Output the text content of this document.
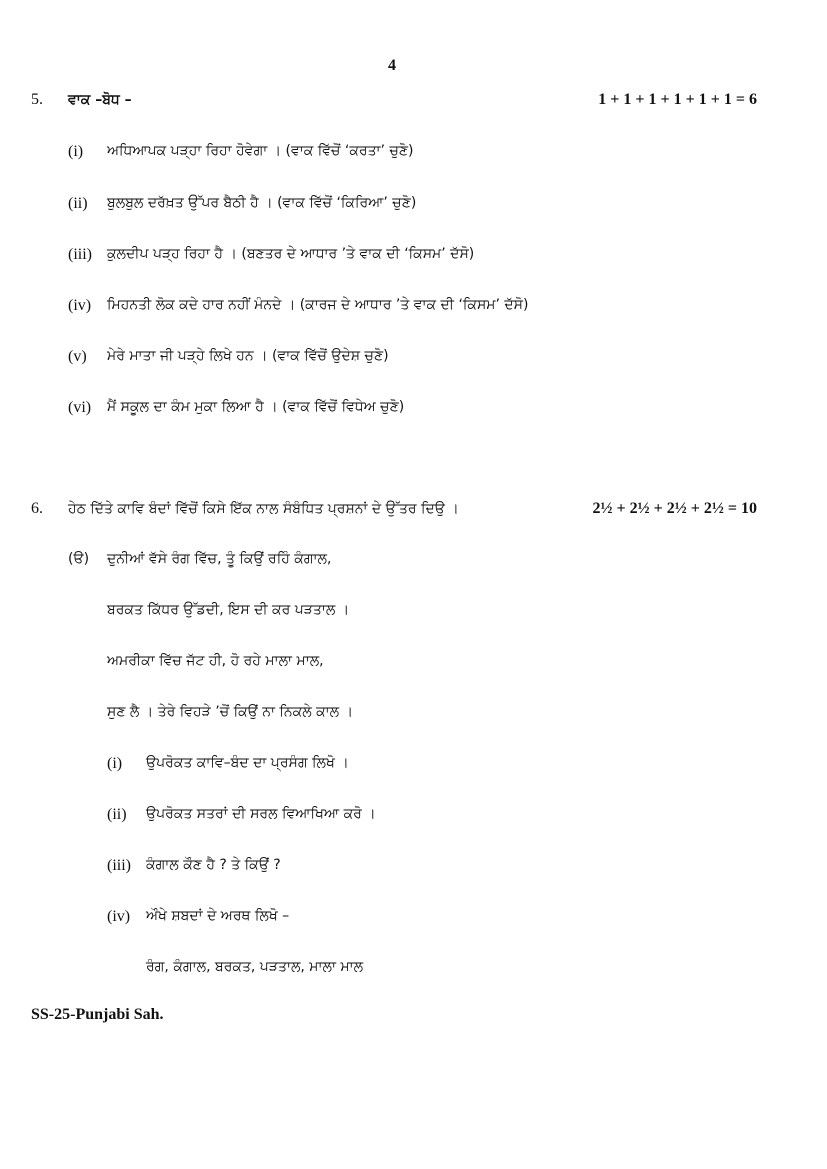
4
5. ਵਾਕ –ਬੋਧ –	1 + 1 + 1 + 1 + 1 + 1 = 6
(i) ਅਧਿਆਪਕ ਪੜ੍ਹਾ ਰਿਹਾ ਹੋਵੇਗਾ । (ਵਾਕ ਵਿੱਚੋਂ ‘ਕਰਤਾ’ ਚੁਣੋ)
(ii) ਬੁਲਬੁਲ ਦਰੱਖ਼ਤ ਉੱਪਰ ਬੈਠੀ ਹੈ । (ਵਾਕ ਵਿੱਚੋਂ ‘ਕਿਰਿਆ’ ਚੁਣੋ)
(iii) ਕੁਲਦੀਪ ਪੜ੍ਹ ਰਿਹਾ ਹੈ । (ਬਣਤਰ ਦੇ ਆਧਾਰ ’ਤੇ ਵਾਕ ਦੀ ‘ਕਿਸਮ’ ਦੱਸੋ)
(iv) ਮਿਹਨਤੀ ਲੋਕ ਕਦੇ ਹਾਰ ਨਹੀਂ ਮੰਨਦੇ । (ਕਾਰਜ ਦੇ ਆਧਾਰ ’ਤੇ ਵਾਕ ਦੀ ‘ਕਿਸਮ’ ਦੱਸੋ)
(v) ਮੇਰੇ ਮਾਤਾ ਜੀ ਪੜ੍ਹੇ ਲਿਖੇ ਹਨ । (ਵਾਕ ਵਿੱਚੋਂ ਉਦੇਸ਼ ਚੁਣੋ)
(vi) ਮੈਂ ਸਕੂਲ ਦਾ ਕੰਮ ਮੁਕਾ ਲਿਆ ਹੈ । (ਵਾਕ ਵਿੱਚੋਂ ਵਿਧੇਅ ਚੁਣੋ)
6. ਹੇਠ ਦਿੱਤੇ ਕਾਵਿ ਬੰਦਾਂ ਵਿੱਚੋਂ ਕਿਸੇ ਇੱਕ ਨਾਲ ਸੰਬੰਧਿਤ ਪ੍ਰਸ਼ਨਾਂ ਦੇ ਉੱਤਰ ਦਿਉ ।	2½ + 2½ + 2½ + 2½ = 10
(ੳ) ਦੁਨੀਆਂ ਵੱਸੇ ਰੰਗ ਵਿੱਚ, ਤੂੰ ਕਿਉਂ ਰਹਿੰ ਕੰਗਾਲ,
ਬਰਕਤ ਕਿੱਧਰ ਉੱਡਦੀ, ਇਸ ਦੀ ਕਰ ਪੜਤਾਲ ।
ਅਮਰੀਕਾ ਵਿੱਚ ਜੱਟ ਹੀ, ਹੋ ਰਹੇ ਮਾਲਾ ਮਾਲ,
ਸੁਣ ਲੈ । ਤੇਰੇ ਵਿਹੜੇ ’ਚੋਂ ਕਿਉਂ ਨਾ ਨਿਕਲੇ ਕਾਲ ।
(i) ਉਪਰੋਕਤ ਕਾਵਿ–ਬੰਦ ਦਾ ਪ੍ਰਸੰਗ ਲਿਖੋ ।
(ii) ਉਪਰੋਕਤ ਸਤਰਾਂ ਦੀ ਸਰਲ ਵਿਆਖਿਆ ਕਰੋ ।
(iii) ਕੰਗਾਲ ਕੌਣ ਹੈ ? ਤੇ ਕਿਉਂ ?
(iv) ਔਖੇ ਸ਼ਬਦਾਂ ਦੇ ਅਰਥ ਲਿਖੋ –
ਰੰਗ, ਕੰਗਾਲ, ਬਰਕਤ, ਪੜਤਾਲ, ਮਾਲਾ ਮਾਲ
SS-25-Punjabi Sah.
